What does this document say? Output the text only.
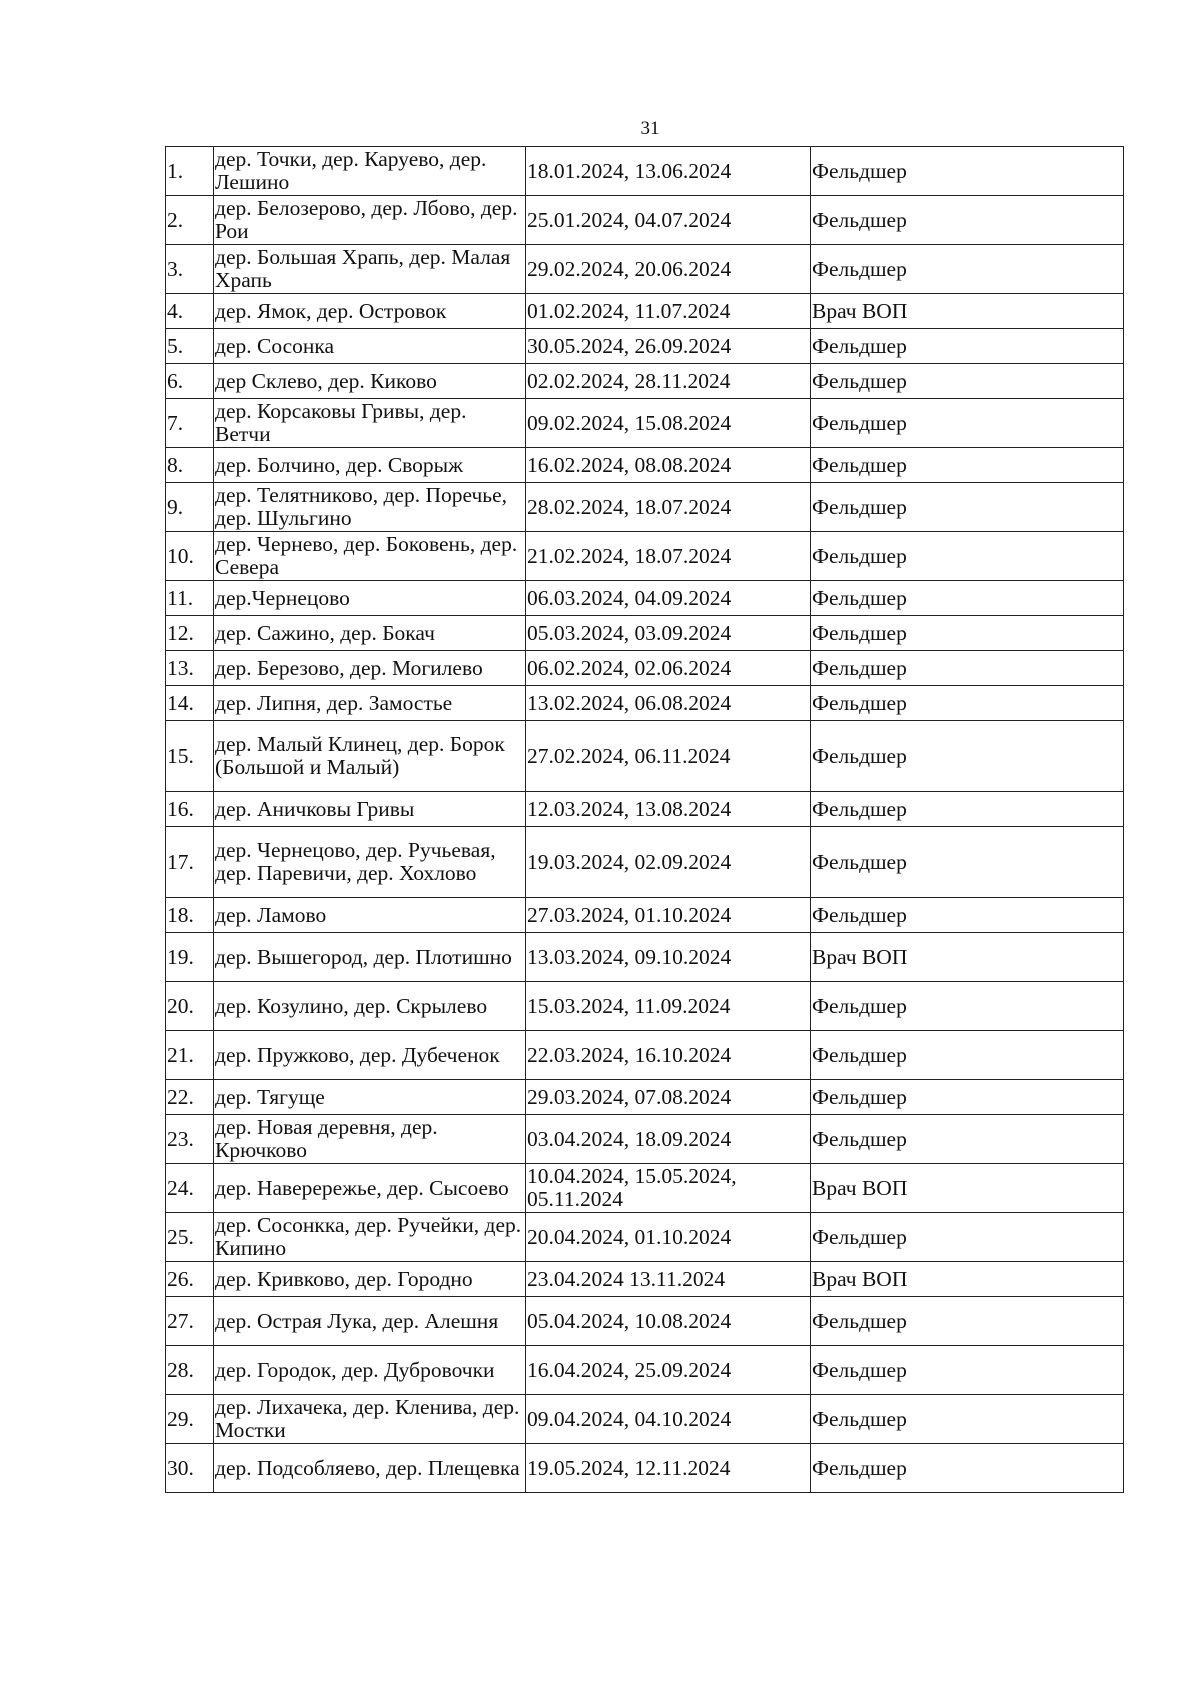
31
1.	дер. Точки, дер. Каруево, дер. Лешино	18.01.2024, 13.06.2024	Фельдшер
2.	дер. Белозерово, дер. Лбово, дер. Рои	25.01.2024, 04.07.2024	Фельдшер
3.	дер. Большая Храпь, дер. Малая Храпь	29.02.2024, 20.06.2024	Фельдшер
4.	дер. Ямок, дер. Островок	01.02.2024, 11.07.2024	Врач ВОП
5.	дер. Сосонка	30.05.2024, 26.09.2024	Фельдшер
6.	дер Склево, дер. Киково	02.02.2024, 28.11.2024	Фельдшер
7.	дер. Корсаковы Гривы, дер. Ветчи	09.02.2024, 15.08.2024	Фельдшер
8.	дер. Болчино, дер. Сворыж	16.02.2024, 08.08.2024	Фельдшер
9.	дер. Телятниково, дер. Поречье, дер. Шульгино	28.02.2024, 18.07.2024	Фельдшер
10.	дер. Чернево, дер. Боковень, дер. Севера	21.02.2024, 18.07.2024	Фельдшер
11.	дер.Чернецово	06.03.2024, 04.09.2024	Фельдшер
12.	дер. Сажино, дер. Бокач	05.03.2024, 03.09.2024	Фельдшер
13.	дер. Березово, дер. Могилево	06.02.2024, 02.06.2024	Фельдшер
14.	дер. Липня, дер. Замостье	13.02.2024, 06.08.2024	Фельдшер
15.	дер. Малый Клинец, дер. Борок (Большой и Малый)	27.02.2024, 06.11.2024	Фельдшер
16.	дер. Аничковы Гривы	12.03.2024, 13.08.2024	Фельдшер
17.	дер. Чернецово, дер. Ручьевая, дер. Паревичи, дер. Хохлово	19.03.2024, 02.09.2024	Фельдшер
18.	дер. Ламово	27.03.2024, 01.10.2024	Фельдшер
19.	дер. Вышегород, дер. Плотишно	13.03.2024, 09.10.2024	Врач ВОП
20.	дер. Козулино, дер. Скрылево	15.03.2024, 11.09.2024	Фельдшер
21.	дер. Пружково, дер. Дубеченок	22.03.2024, 16.10.2024	Фельдшер
22.	дер. Тягуще	29.03.2024, 07.08.2024	Фельдшер
23.	дер. Новая деревня, дер. Крючково	03.04.2024, 18.09.2024	Фельдшер
24.	дер. Наверережье, дер. Сысоево	10.04.2024, 15.05.2024, 05.11.2024	Врач ВОП
25.	дер. Сосонкка, дер. Ручейки, дер. Кипино	20.04.2024, 01.10.2024	Фельдшер
26.	дер. Кривково, дер. Городно	23.04.2024 13.11.2024	Врач ВОП
27.	дер. Острая Лука, дер. Алешня	05.04.2024, 10.08.2024	Фельдшер
28.	дер. Городок, дер. Дубровочки	16.04.2024, 25.09.2024	Фельдшер
29.	дер. Лихачека, дер. Кленива, дер. Мостки	09.04.2024, 04.10.2024	Фельдшер
30.	дер. Подсобляево, дер. Плещевка	19.05.2024, 12.11.2024	Фельдшер
